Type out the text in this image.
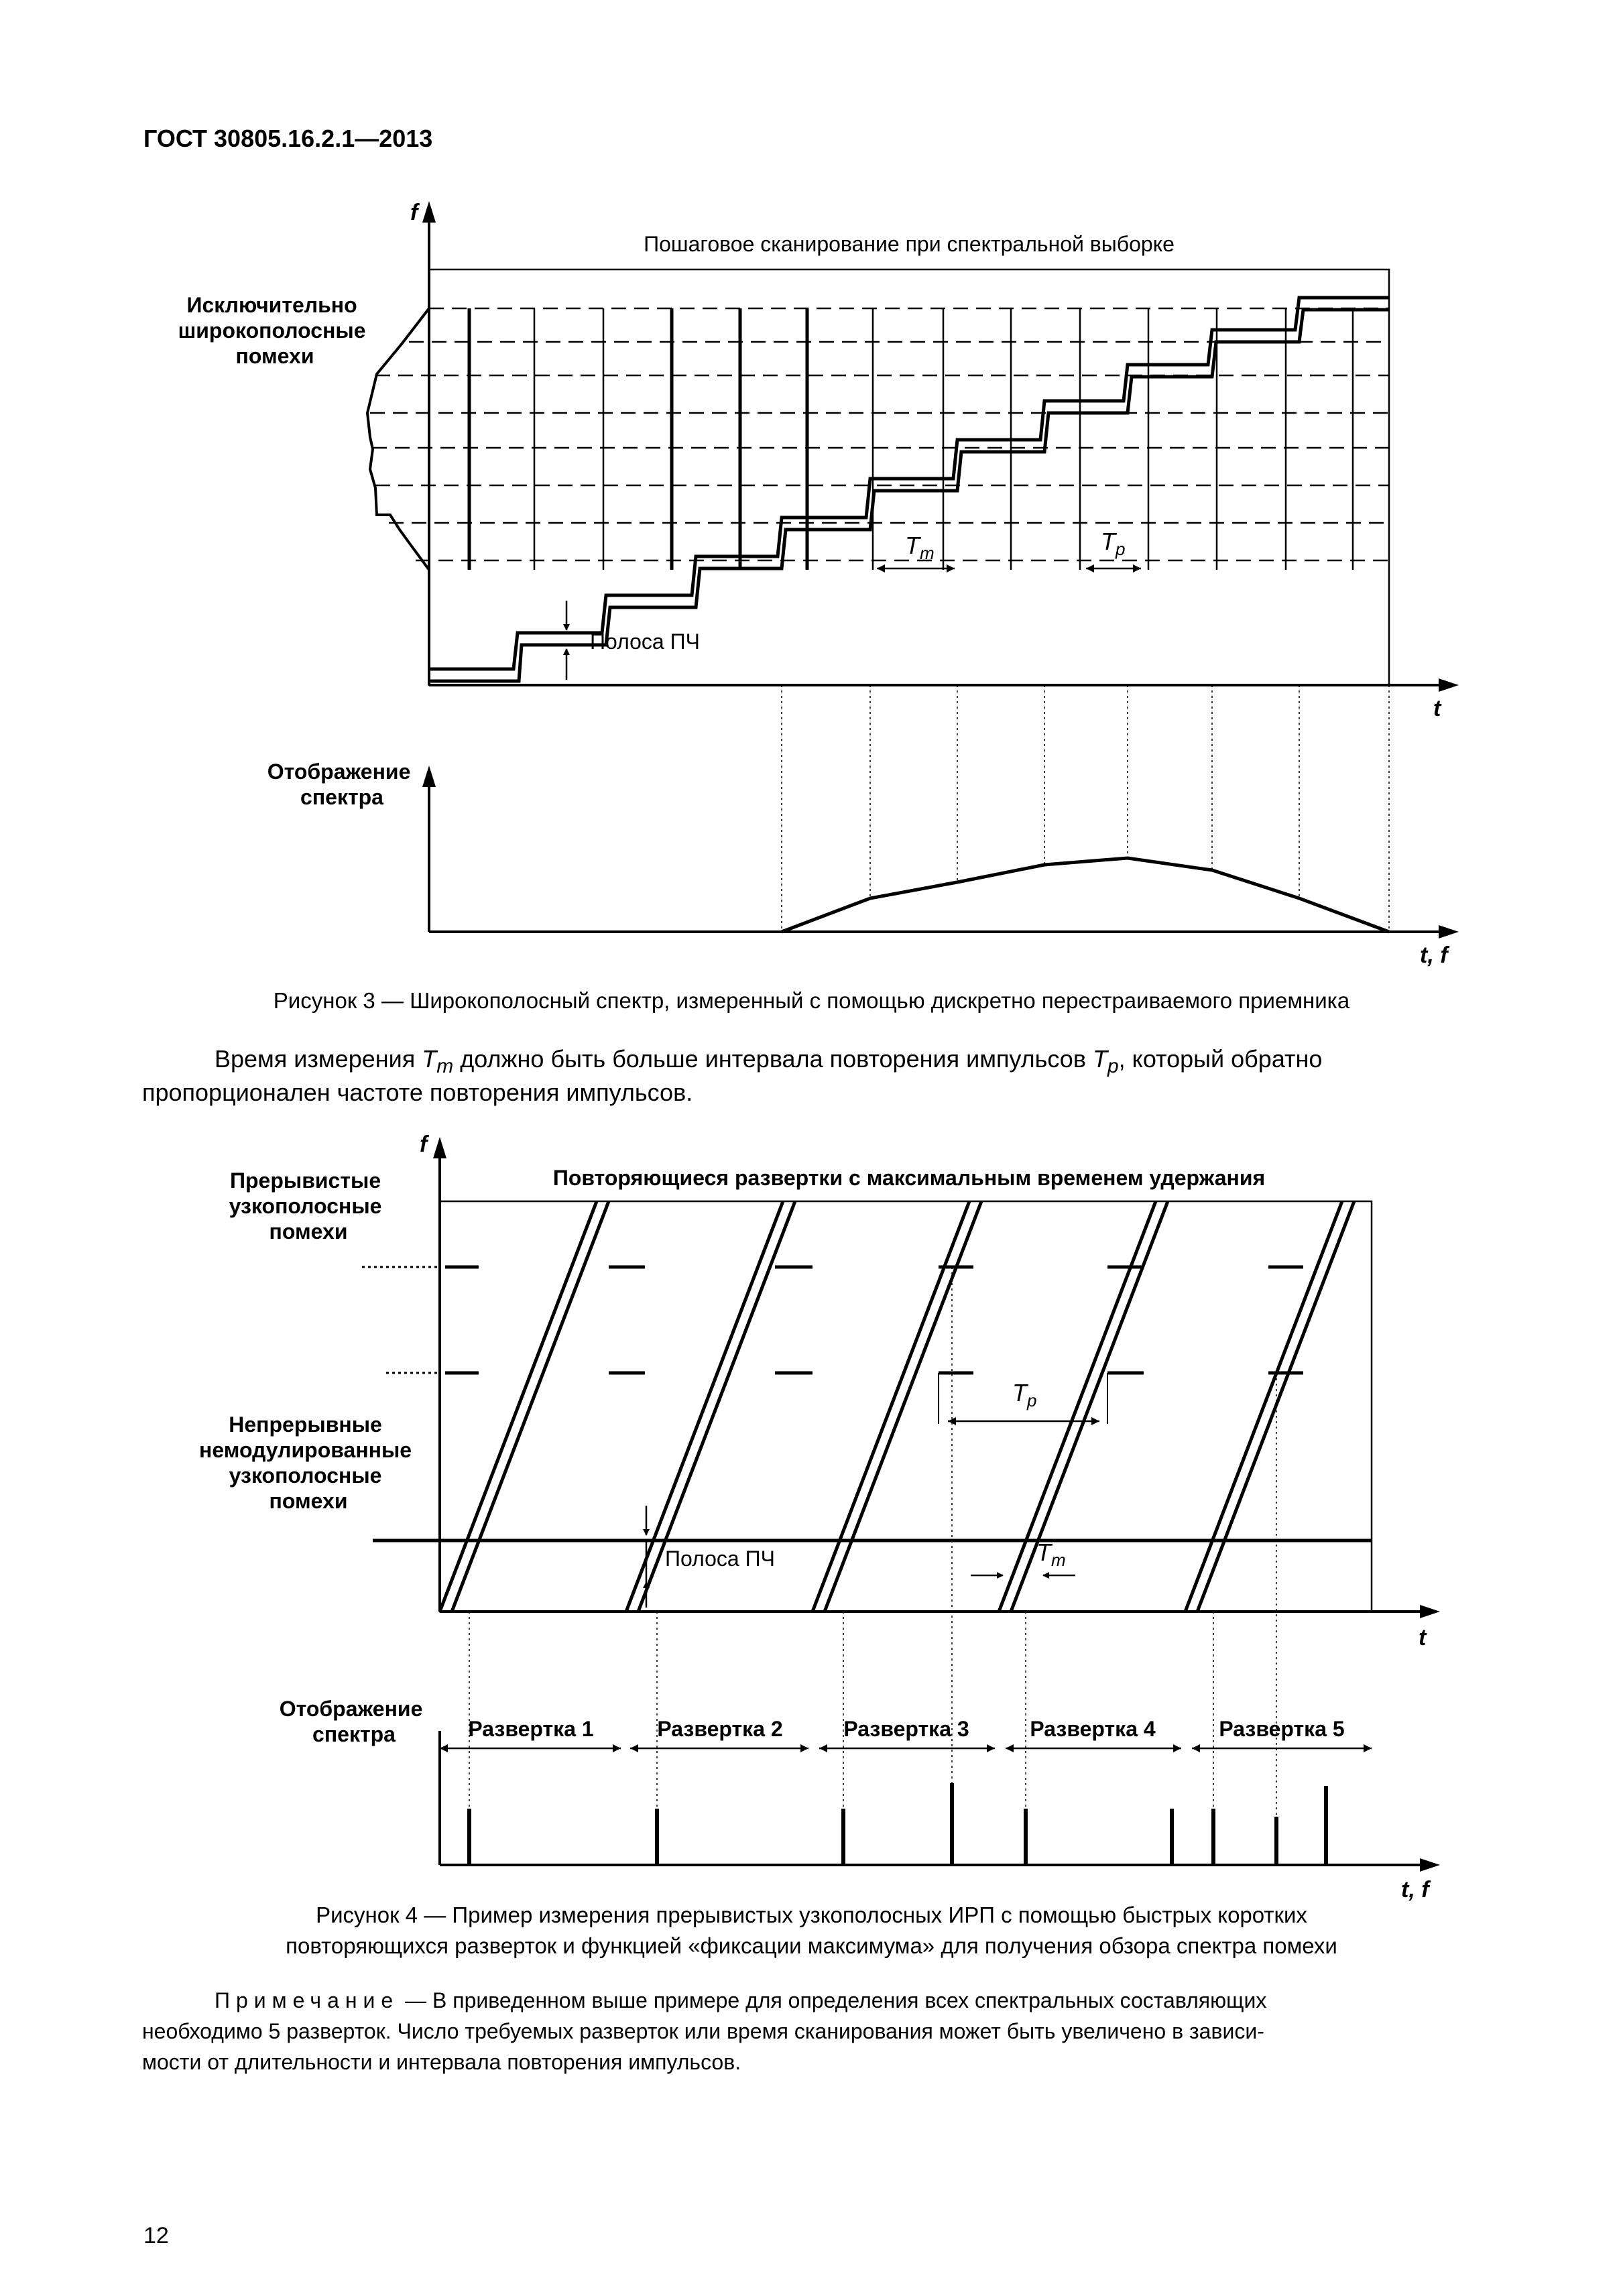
ГОСТ 30805.16.2.1—2013

f
t
Пошаговое сканирование при спектральной выборке
Полоса ПЧ
$T_m$	$T_p$
Исключительно широкополосные помехи
t, f
Отображение спектра
f
t
Повторяющиеся развертки с максимальным временем удержания
Полоса ПЧ
$T_p$
$T_m$
Прерывистые узкополосные помехи
Непрерывные немодулированные узкополосные помехи
t, f
Отображение спектра	Развертка 1	Развертка 2	Развертка 3	Развертка 4	Развертка 5

Рисунок 3 — Широкополосный спектр, измеренный с помощью дискретно перестраиваемого приемника

Время измерения $T_m$ должно быть больше интервала повторения импульсов $T_p$, который обратно

пропорционален частоте повторения импульсов.

Рисунок 4 — Пример измерения прерывистых узкополосных ИРП с помощью быстрых коротких

повторяющихся разверток и функцией «фиксации максимума» для получения обзора спектра помехи

Примечание — В приведенном выше примере для определения всех спектральных составляющих

необходимо 5 разверток. Число требуемых разверток или время сканирования может быть увеличено в зависи-

мости от длительности и интервала повторения импульсов.

12
